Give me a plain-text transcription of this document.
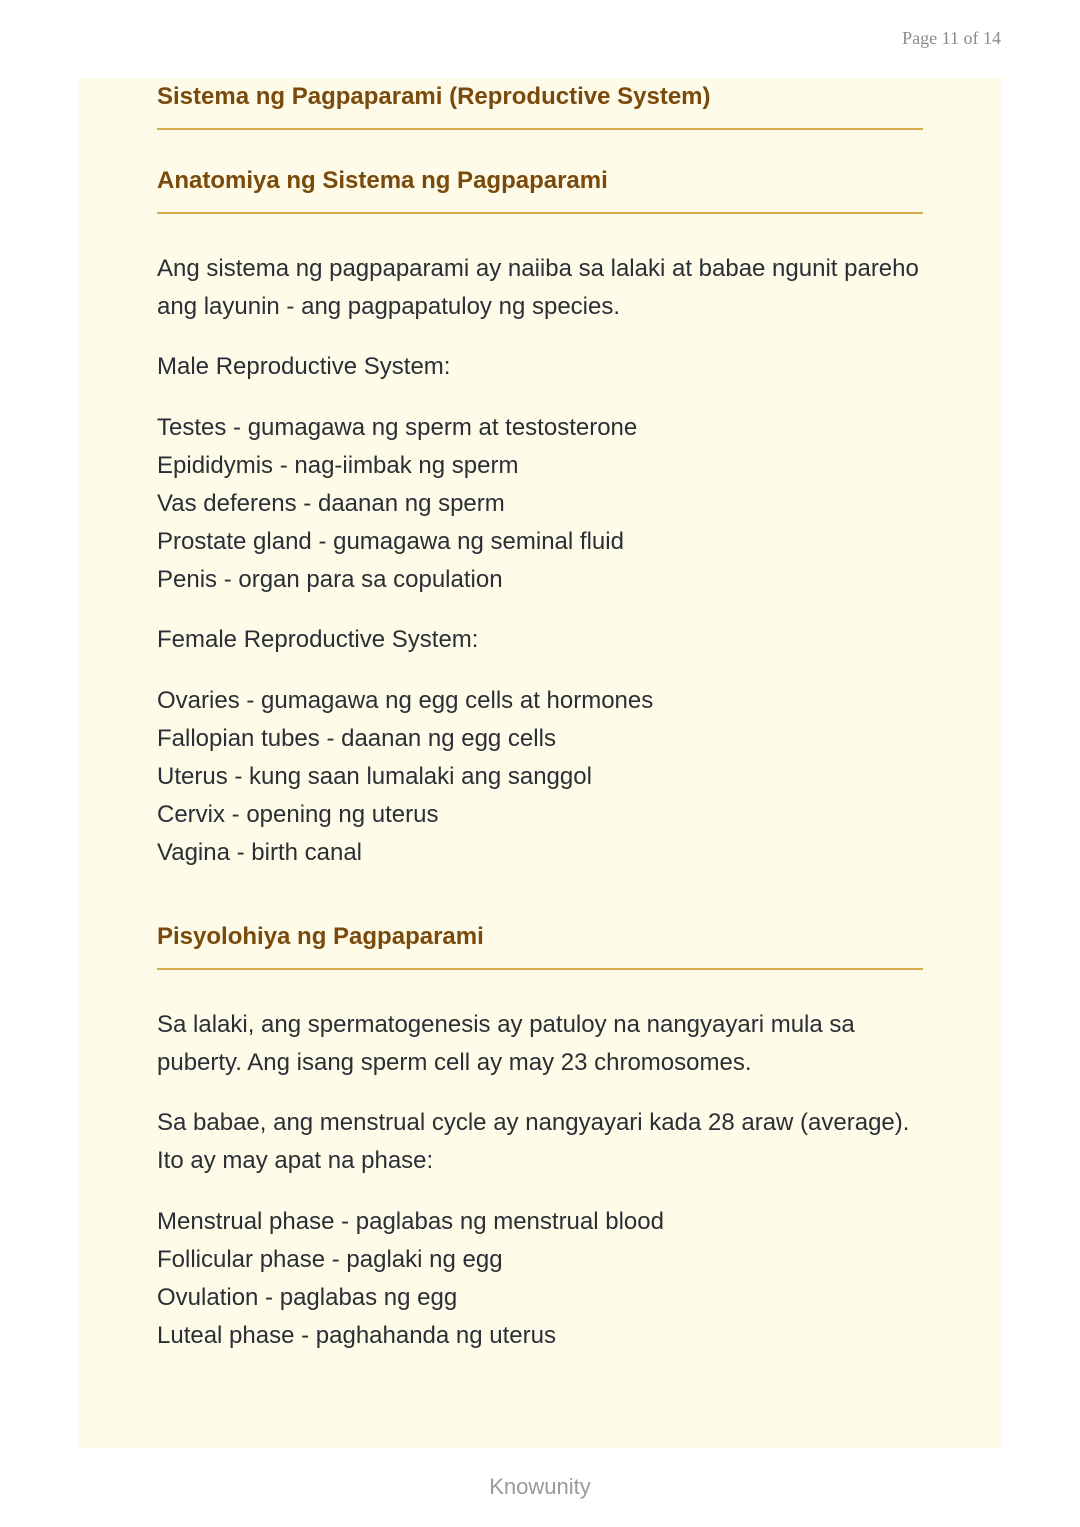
Page 11 of 14
Sistema ng Pagpaparami (Reproductive System)
Anatomiya ng Sistema ng Pagpaparami

Ang sistema ng pagpaparami ay naiiba sa lalaki at babae ngunit pareho ang layunin - ang pagpapatuloy ng species.

Male Reproductive System:

Testes - gumagawa ng sperm at testosterone
Epididymis - nag-iimbak ng sperm
Vas deferens - daanan ng sperm
Prostate gland - gumagawa ng seminal fluid
Penis - organ para sa copulation

Female Reproductive System:

Ovaries - gumagawa ng egg cells at hormones
Fallopian tubes - daanan ng egg cells
Uterus - kung saan lumalaki ang sanggol
Cervix - opening ng uterus
Vagina - birth canal
Pisyolohiya ng Pagpaparami

Sa lalaki, ang spermatogenesis ay patuloy na nangyayari mula sa puberty. Ang isang sperm cell ay may 23 chromosomes.

Sa babae, ang menstrual cycle ay nangyayari kada 28 araw (average). Ito ay may apat na phase:

Menstrual phase - paglabas ng menstrual blood
Follicular phase - paglaki ng egg
Ovulation - paglabas ng egg
Luteal phase - paghahanda ng uterus
Knowunity
